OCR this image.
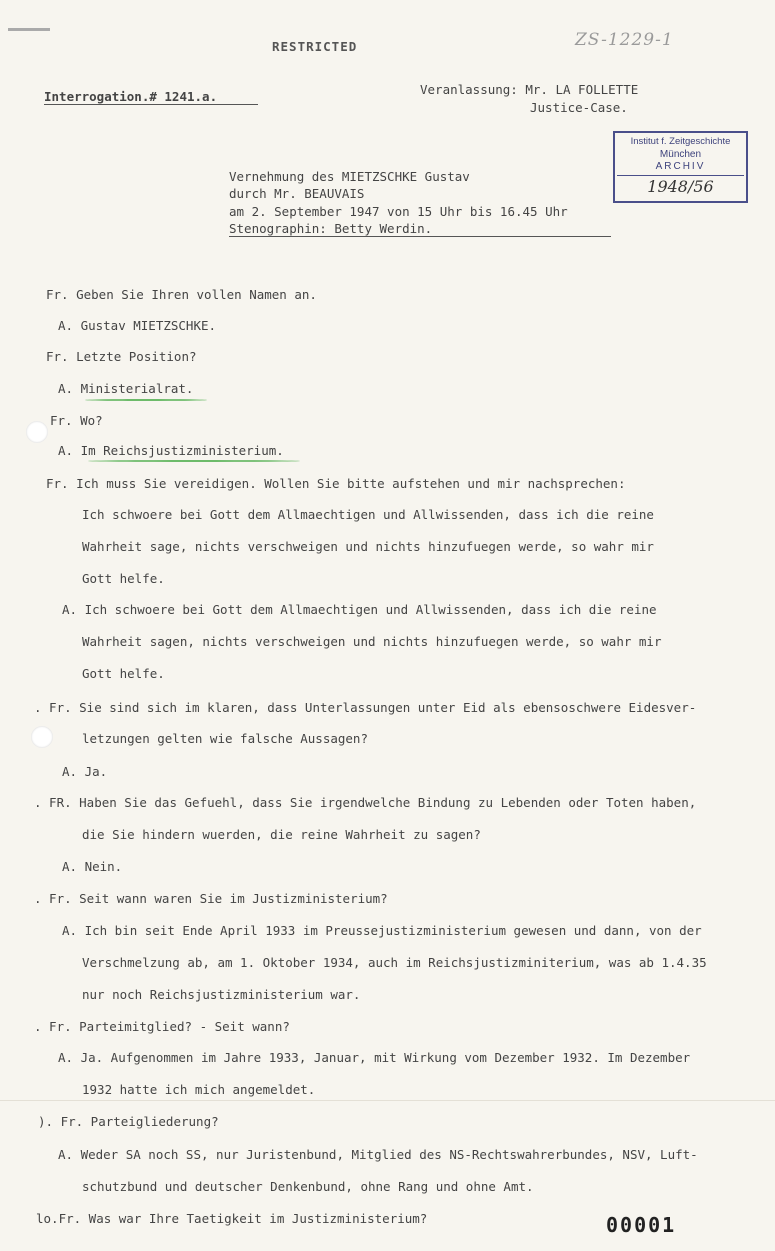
RESTRICTED	ZS-1229-1
Interrogation.# 1241.a.	Veranlassung: Mr. LA FOLLETTE
Justice-Case.
Institut f. Zeitgeschichte
München
ARCHIV
1948/56
Vernehmung des MIETZSCHKE Gustav
durch Mr. BEAUVAIS
am 2. September 1947 von 15 Uhr bis 16.45 Uhr
Stenographin: Betty Werdin.
Fr. Geben Sie Ihren vollen Namen an.
A. Gustav MIETZSCHKE.
Fr. Letzte Position?
A. Ministerialrat.
Fr. Wo?
A. Im Reichsjustizministerium.
Fr. Ich muss Sie vereidigen. Wollen Sie bitte aufstehen und mir nachsprechen:
Ich schwoere bei Gott dem Allmaechtigen und Allwissenden, dass ich die reine
Wahrheit sage, nichts verschweigen und nichts hinzufuegen werde, so wahr mir
Gott helfe.
A. Ich schwoere bei Gott dem Allmaechtigen und Allwissenden, dass ich die reine
Wahrheit sagen, nichts verschweigen und nichts hinzufuegen werde, so wahr mir
Gott helfe.
. Fr. Sie sind sich im klaren, dass Unterlassungen unter Eid als ebensoschwere Eidesver-
letzungen gelten wie falsche Aussagen?
A. Ja.
. FR. Haben Sie das Gefuehl, dass Sie irgendwelche Bindung zu Lebenden oder Toten haben,
die Sie hindern wuerden, die reine Wahrheit zu sagen?
A. Nein.
. Fr. Seit wann waren Sie im Justizministerium?
A. Ich bin seit Ende April 1933 im Preussejustizministerium gewesen und dann, von der
Verschmelzung ab, am 1. Oktober 1934, auch im Reichsjustizminiterium, was ab 1.4.35
nur noch Reichsjustizministerium war.
. Fr. Parteimitglied? - Seit wann?
A. Ja. Aufgenommen im Jahre 1933, Januar, mit Wirkung vom Dezember 1932. Im Dezember
1932 hatte ich mich angemeldet.
). Fr. Parteigliederung?
A. Weder SA noch SS, nur Juristenbund, Mitglied des NS-Rechtswahrerbundes, NSV, Luft-
schutzbund und deutscher Denkenbund, ohne Rang und ohne Amt.
lo.Fr. Was war Ihre Taetigkeit im Justizministerium?	00001
